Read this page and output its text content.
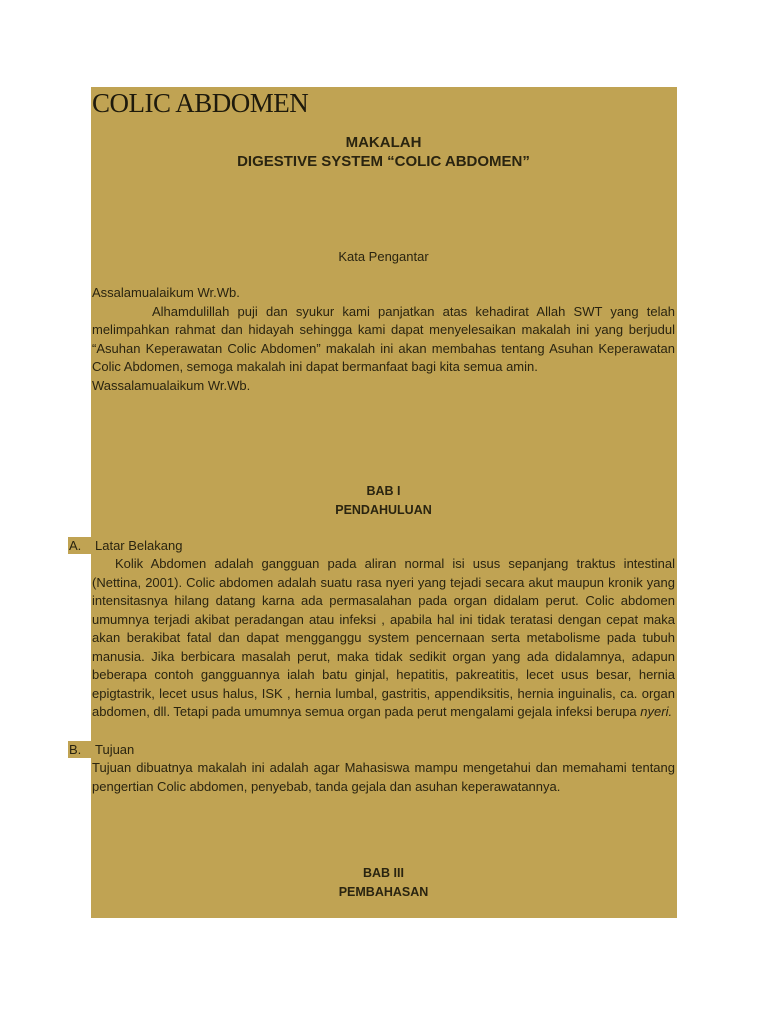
COLIC ABDOMEN
MAKALAH
DIGESTIVE SYSTEM “COLIC ABDOMEN”
Kata Pengantar

Assalamualaikum Wr.Wb.

Alhamdulillah puji dan syukur kami panjatkan atas kehadirat Allah SWT yang telah melimpahkan rahmat dan hidayah sehingga kami dapat menyelesaikan makalah ini yang berjudul “Asuhan Keperawatan Colic Abdomen” makalah ini akan membahas tentang Asuhan Keperawatan Colic Abdomen, semoga makalah ini dapat bermanfaat bagi kita semua amin.

Wassalamualaikum Wr.Wb.

BAB I
PENDAHULUAN
A. Latar Belakang
Kolik Abdomen adalah gangguan pada aliran normal isi usus sepanjang traktus intestinal (Nettina, 2001). Colic abdomen adalah suatu rasa nyeri yang tejadi secara akut maupun kronik yang intensitasnya hilang datang karna ada permasalahan pada organ didalam perut. Colic abdomen umumnya terjadi akibat peradangan atau infeksi , apabila hal ini tidak teratasi dengan cepat maka akan berakibat fatal dan dapat mengganggu system pencernaan serta metabolisme pada tubuh manusia. Jika berbicara masalah perut, maka tidak sedikit organ yang ada didalamnya, adapun beberapa contoh gangguannya ialah batu ginjal, hepatitis, pakreatitis, lecet usus besar, hernia epigtastrik, lecet usus halus, ISK , hernia lumbal, gastritis, appendiksitis, hernia inguinalis, ca. organ abdomen, dll. Tetapi pada umumnya semua organ pada perut mengalami gejala infeksi berupa nyeri.
B. Tujuan
Tujuan dibuatnya makalah ini adalah agar Mahasiswa mampu mengetahui dan memahami tentang pengertian Colic abdomen, penyebab, tanda gejala dan asuhan keperawatannya.
BAB III
PEMBAHASAN
